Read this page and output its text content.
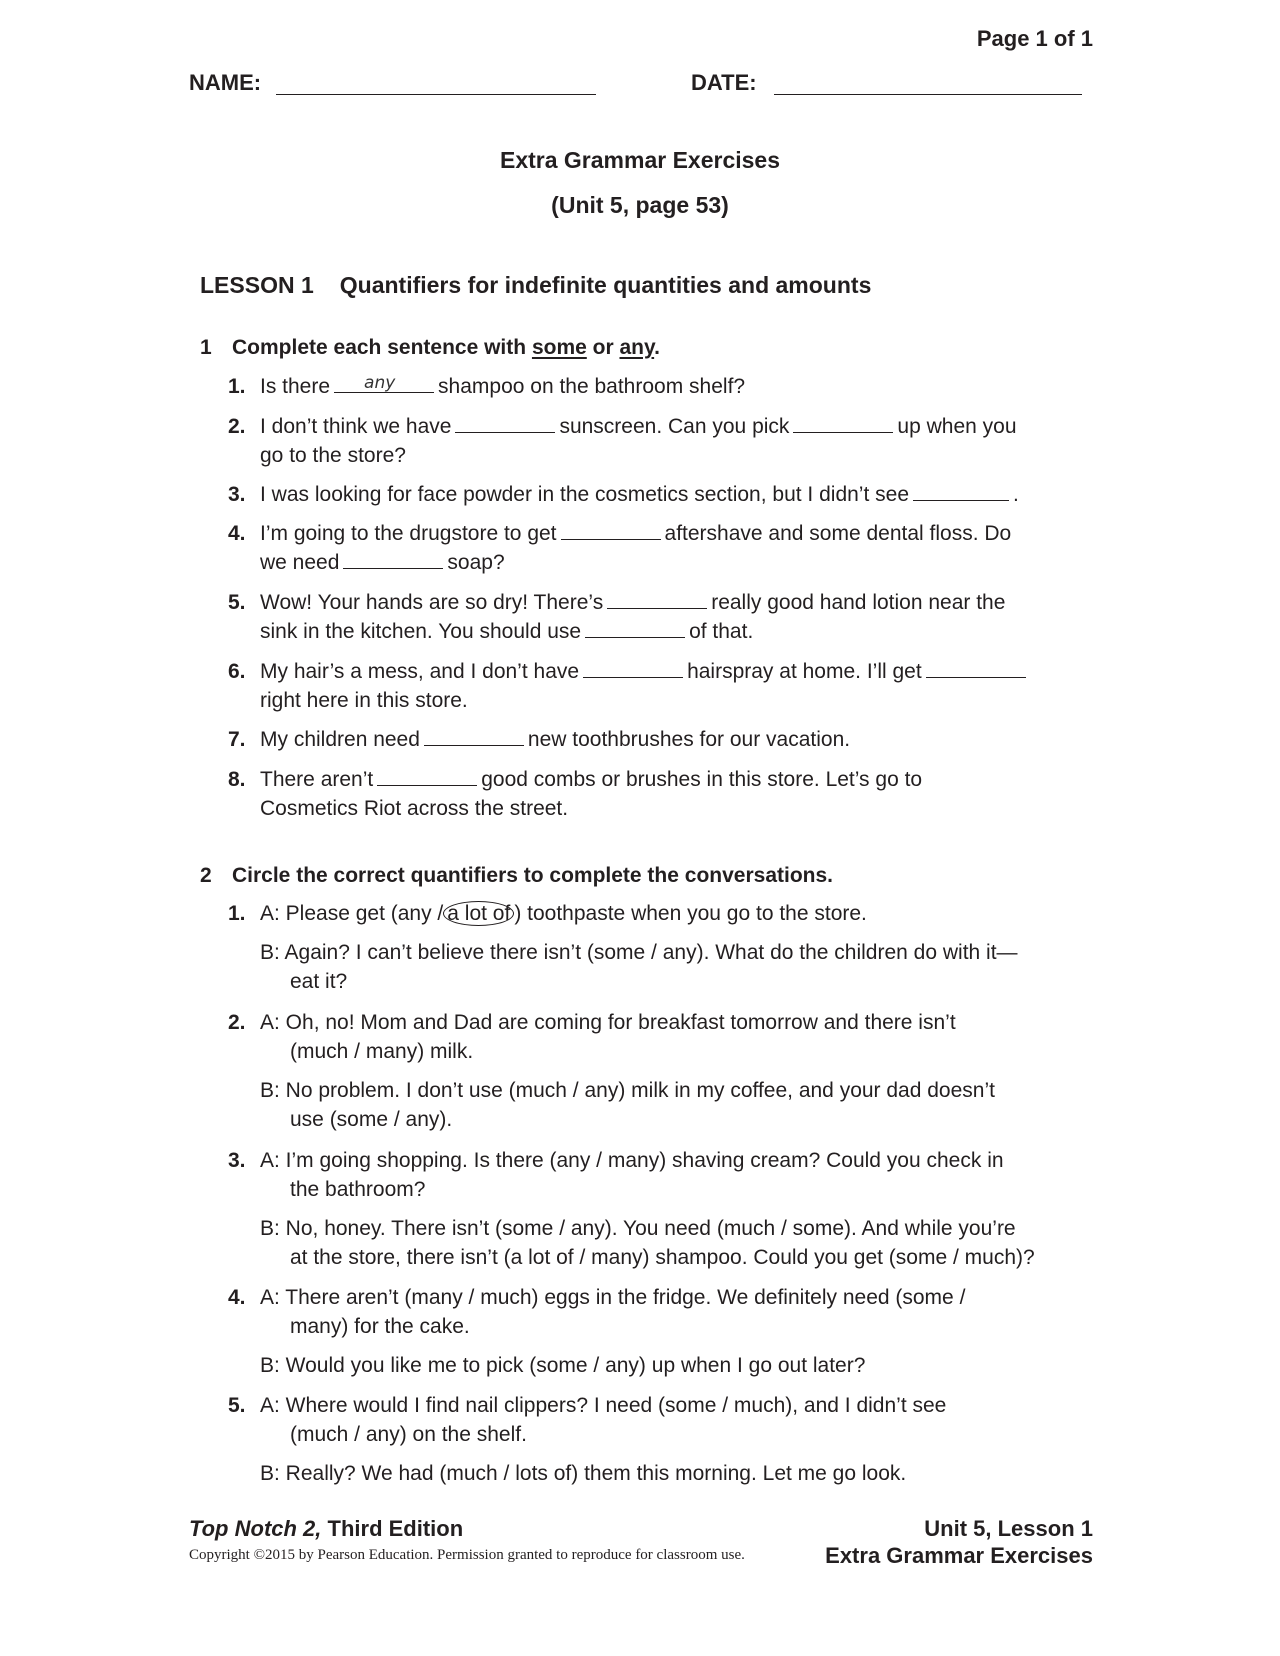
Page 1 of 1
NAME:	DATE:
Extra Grammar Exercises
(Unit 5, page 53)
LESSON 1 Quantifiers for indefinite quantities and amounts
1 Complete each sentence with some or any.
1. Is there any shampoo on the bathroom shelf?
2. I don’t think we have	sunscreen. Can you pick	up when you
go to the store?
3. I was looking for face powder in the cosmetics section, but I didn’t see	.
4. I’m going to the drugstore to get	aftershave and some dental floss. Do
we need	soap?
5. Wow! Your hands are so dry! There’s	really good hand lotion near the
sink in the kitchen. You should use	of that.
6. My hair’s a mess, and I don’t have	hairspray at home. I’ll get
right here in this store.
7. My children need	new toothbrushes for our vacation.
8. There aren’t	good combs or brushes in this store. Let’s go to
Cosmetics Riot across the street.
2 Circle the correct quantifiers to complete the conversations.
1. A: Please get (any / a lot of ) toothpaste when you go to the store.
B: Again? I can’t believe there isn’t (some / any). What do the children do with it—
eat it?
2. A: Oh, no! Mom and Dad are coming for breakfast tomorrow and there isn’t
(much / many) milk.
B: No problem. I don’t use (much / any) milk in my coffee, and your dad doesn’t
use (some / any).
3. A: I’m going shopping. Is there (any / many) shaving cream? Could you check in
the bathroom?
B: No, honey. There isn’t (some / any). You need (much / some). And while you’re
at the store, there isn’t (a lot of / many) shampoo. Could you get (some / much)?
4. A: There aren’t (many / much) eggs in the fridge. We definitely need (some /
many) for the cake.
B: Would you like me to pick (some / any) up when I go out later?
5. A: Where would I find nail clippers? I need (some / much), and I didn’t see
(much / any) on the shelf.
B: Really? We had (much / lots of) them this morning. Let me go look.
Top Notch 2, Third Edition	Unit 5, Lesson 1
Copyright ©2015 by Pearson Education. Permission granted to reproduce for classroom use.	Extra Grammar Exercises
